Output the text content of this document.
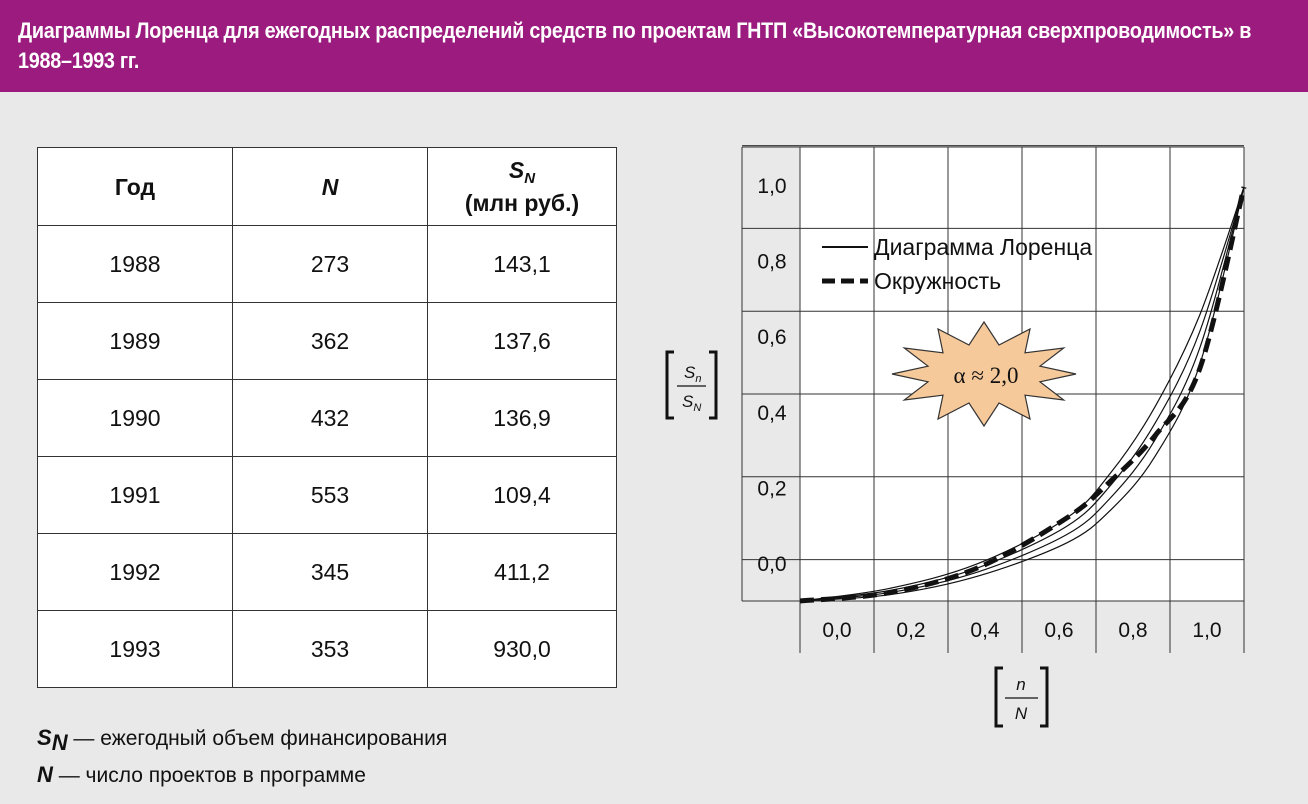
Диаграммы Лоренца для ежегодных распределений средств по проектам ГНТП «Высокотемпературная сверхпроводимость» в 1988–1993 гг.
Год	N	$S_N$
(млн руб.)
1988	273	143,1
1989	362	137,6
1990	432	136,9
1991	553	109,4
1992	345	411,2
1993	353	930,0
SN — ежегодный объем финансирования
N — число проектов в программе
0,0
0,2
0,4
0,6
0,8
1,0
0,0 0,2 0,4 0,6 0,8 1,0
Диаграмма Лоренца
Окружность
α ≈ 2,0
$S_n$
$S_N$
n
N
